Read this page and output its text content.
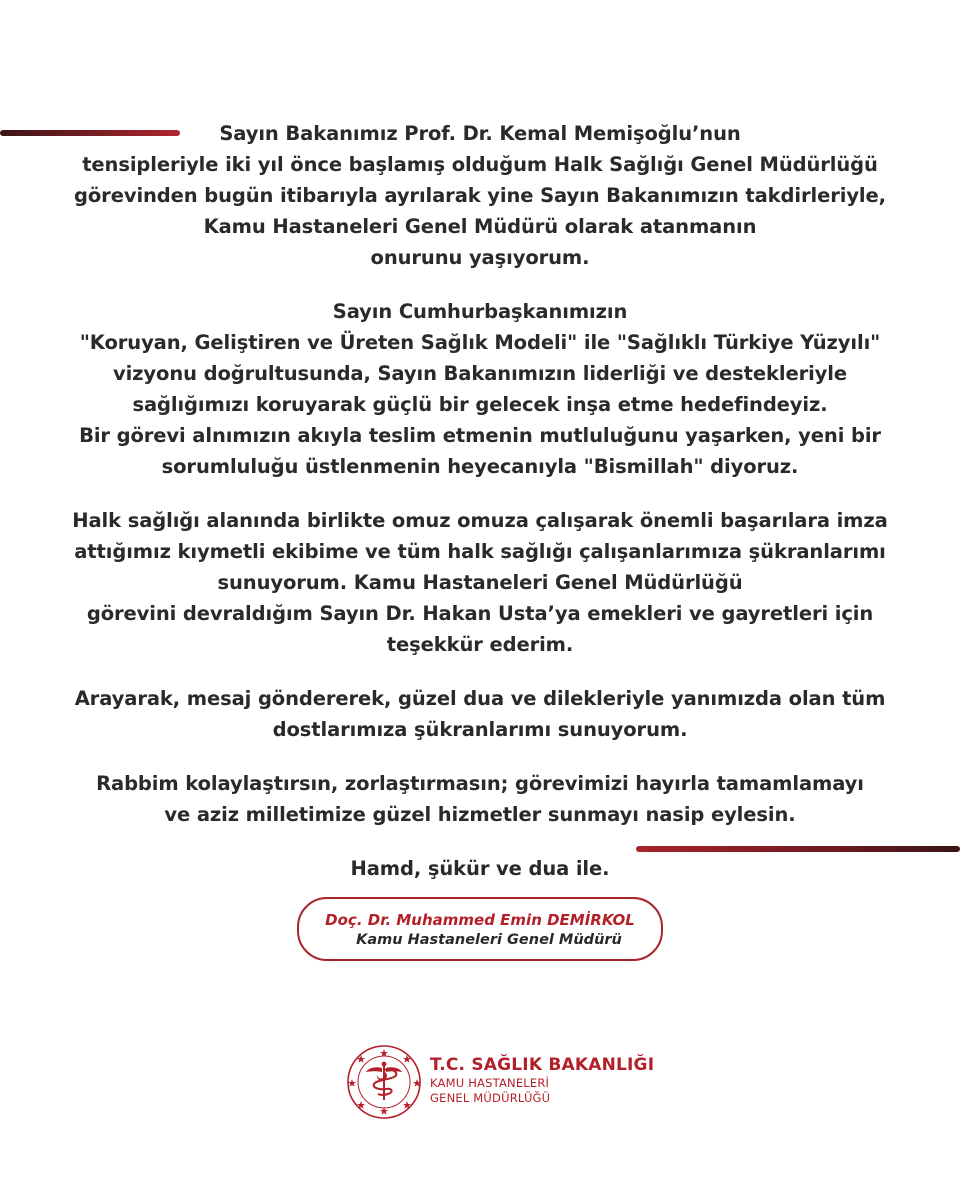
Sayın Bakanımız Prof. Dr. Kemal Memişoğlu’nun
tensipleriyle iki yıl önce başlamış olduğum Halk Sağlığı Genel Müdürlüğü
görevinden bugün itibarıyla ayrılarak yine Sayın Bakanımızın takdirleriyle,
Kamu Hastaneleri Genel Müdürü olarak atanmanın
onurunu yaşıyorum.

Sayın Cumhurbaşkanımızın
"Koruyan, Geliştiren ve Üreten Sağlık Modeli" ile "Sağlıklı Türkiye Yüzyılı"
vizyonu doğrultusunda, Sayın Bakanımızın liderliği ve destekleriyle
sağlığımızı koruyarak güçlü bir gelecek inşa etme hedefindeyiz.
Bir görevi alnımızın akıyla teslim etmenin mutluluğunu yaşarken, yeni bir
sorumluluğu üstlenmenin heyecanıyla "Bismillah" diyoruz.

Halk sağlığı alanında birlikte omuz omuza çalışarak önemli başarılara imza
attığımız kıymetli ekibime ve tüm halk sağlığı çalışanlarımıza şükranlarımı
sunuyorum. Kamu Hastaneleri Genel Müdürlüğü
görevini devraldığım Sayın Dr. Hakan Usta’ya emekleri ve gayretleri için
teşekkür ederim.

Arayarak, mesaj göndererek, güzel dua ve dilekleriyle yanımızda olan tüm
dostlarımıza şükranlarımı sunuyorum.

Rabbim kolaylaştırsın, zorlaştırmasın; görevimizi hayırla tamamlamayı
ve aziz milletimize güzel hizmetler sunmayı nasip eylesin.

Hamd, şükür ve dua ile.

Doç. Dr. Muhammed Emin DEMİRKOL
Kamu Hastaneleri Genel Müdürü
T.C. SAĞLIK BAKANLIĞI
KAMU HASTANELERİ
GENEL MÜDÜRLÜĞÜ
